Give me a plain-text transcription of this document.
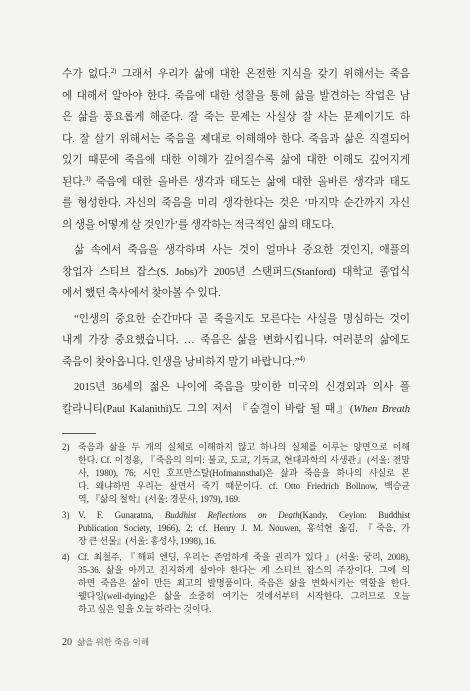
수가 없다.$^{2)}$ 그래서 우리가 삶에 대한 온전한 지식을 갖기 위해서는 죽음
에 대해서 알아야 한다. 죽음에 대한 성찰을 통해 삶을 발견하는 작업은 남
은 삶을 풍요롭게 해준다. 잘 죽는 문제는 사실상 잘 사는 문제이기도 하
다. 잘 살기 위해서는 죽음을 제대로 이해해야 한다. 죽음과 삶은 직결되어
있기 때문에 죽음에 대한 이해가 깊어질수록 삶에 대한 이해도 깊어지게
된다.$^{3)}$ 죽음에 대한 올바른 생각과 태도는 삶에 대한 올바른 생각과 태도
를 형성한다. 자신의 죽음을 미리 생각한다는 것은 ‘마지막 순간까지 자신
의 생을 어떻게 살 것인가’를 생각하는 적극적인 삶의 태도다.
삶 속에서 죽음을 생각하며 사는 것이 얼마나 중요한 것인지, 애플의
창업자 스티브 잡스(S. Jobs)가 2005년 스탠퍼드(Stanford) 대학교 졸업식
에서 했던 축사에서 찾아볼 수 있다.
“인생의 중요한 순간마다 곧 죽을지도 모른다는 사실을 명심하는 것이
내게 가장 중요했습니다. … 죽음은 삶을 변화시킵니다. 여러분의 삶에도
죽음이 찾아옵니다. 인생을 낭비하지 말기 바랍니다.”$^{4)}$
2015년 36세의 젊은 나이에 죽음을 맞이한 미국의 신경외과 의사 폴
칼라니티(Paul Kalanithi)도 그의 저서 『숨결이 바람 될 때』(When Breath
2) 죽음과 삶을 두 개의 실체로 이해하지 않고 하나의 실체를 이루는 양면으로 이해
한다. Cf. 이정용, 『죽음의 의미: 불교, 도교, 기독교, 현대과학의 사생관』(서울: 전망
사, 1980), 76; 시인 호프만스탈(Hofmannsthal)은 삶과 죽음을 하나의 사실로 본
다. 왜냐하면 우리는 살면서 죽기 때문이다. cf. Otto Friedrich Bollnow, 백승균
역, 『삶의 철학』(서울: 경문사, 1979), 169.
3) V. F. Gunaratna, Buddhist Reflections on Death(Kandy, Ceylon: Buddhist
Publication Society, 1966), 2; cf. Henry J. M. Nouwen, 홍석현 옮김, 『죽음, 가
장 큰 선물』(서울: 홍성사, 1998), 16.
4) Cf. 최철주, 『해피 엔딩, 우리는 존엄하게 죽을 권리가 있다』(서울: 궁리, 2008),
35-36. 삶을 아끼고 진지하게 살아야 한다는 게 스티브 잡스의 주장이다. 그에 의
하면 죽음은 삶이 만든 최고의 발명품이다. 죽음은 삶을 변화시키는 역할을 한다.
웰다잉(well-dying)은 삶을 소중히 여기는 것에서부터 시작한다. 그러므로 오늘
하고 싶은 일을 오늘 하라는 것이다.
20 삶을 위한 죽음 이해
